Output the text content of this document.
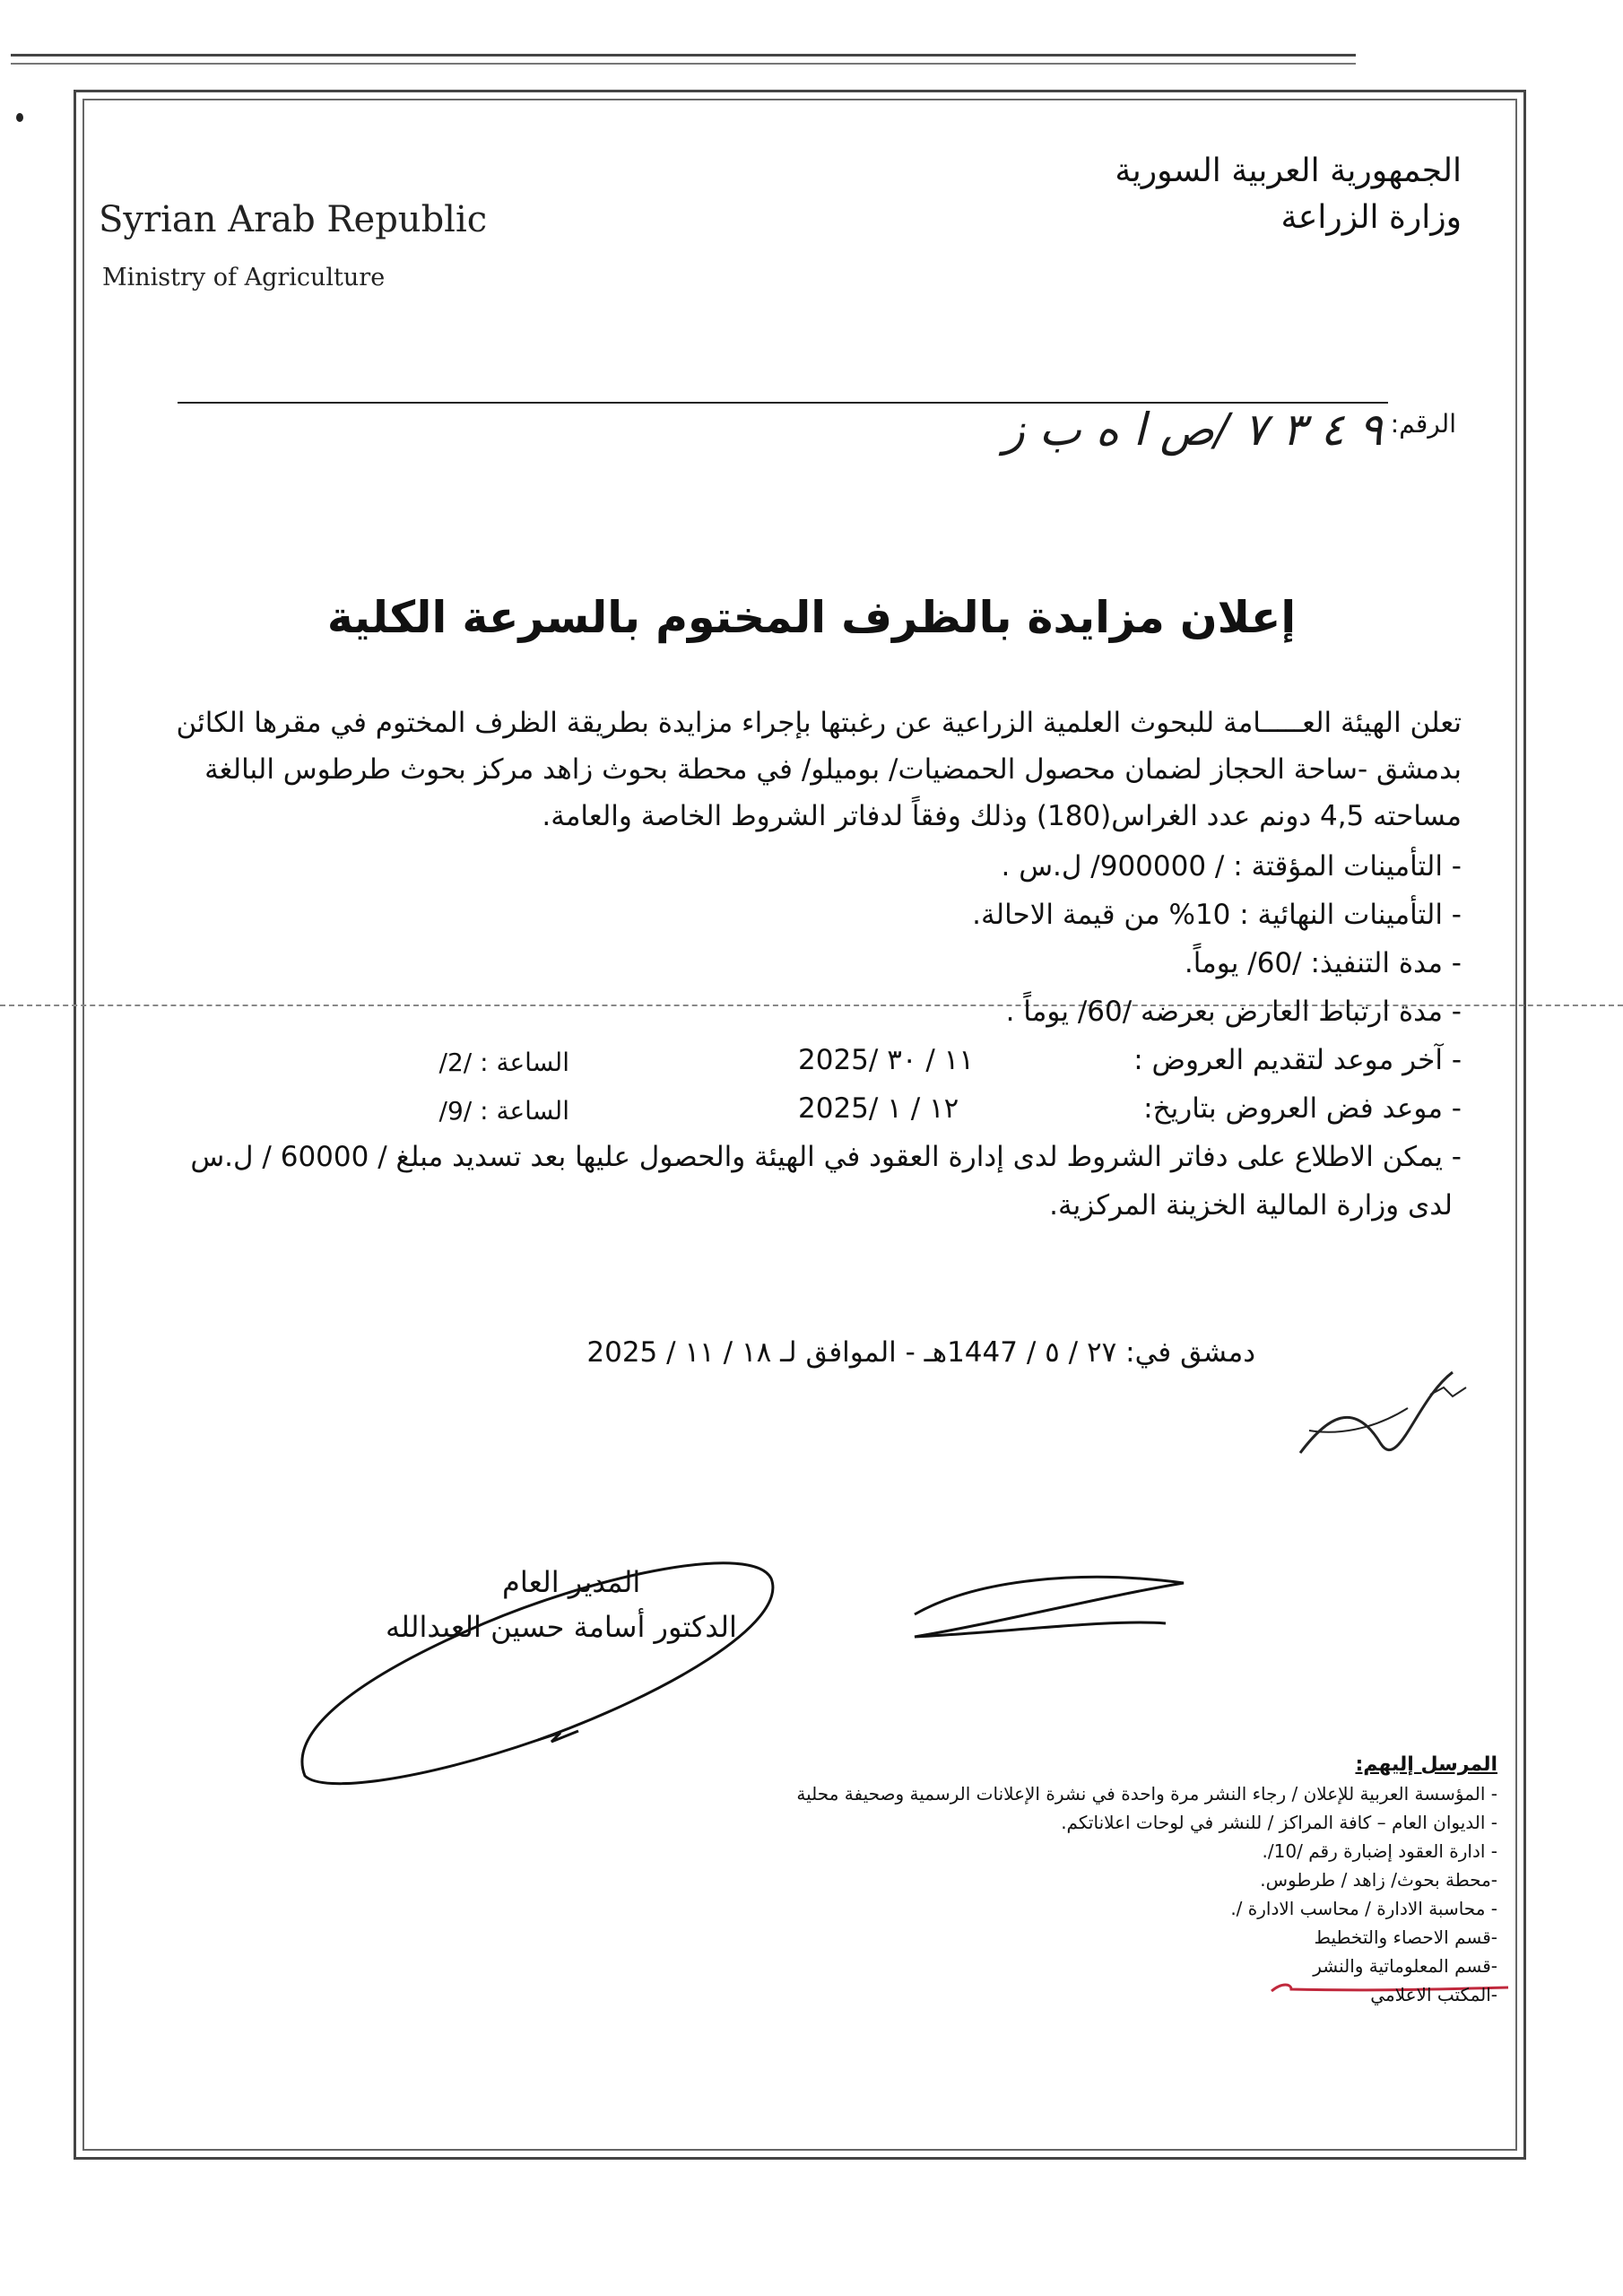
Syrian Arab Republic
Ministry of Agriculture
الجمهورية العربية السورية
وزارة الزراعة
الرقم:
٩ ٤ ٣ ٧ /ص ا ه ب ز
إعلان مزايدة بالظرف المختوم بالسرعة الكلية
تعلن الهيئة العـــــامة للبحوث العلمية الزراعية عن رغبتها بإجراء مزايدة بطريقة الظرف المختوم في مقرها الكائن بدمشق -ساحة الحجاز لضمان محصول الحمضيات/ بوميلو/ في محطة بحوث زاهد مركز بحوث طرطوس البالغة مساحته 4,5 دونم عدد الغراس(180) وذلك وفقاً لدفاتر الشروط الخاصة والعامة.
- التأمينات المؤقتة : / 900000/ ل.س .
- التأمينات النهائية : 10% من قيمة الاحالة.
- مدة التنفيذ: /60/ يوماً.
- مدة ارتباط العارض بعرضه /60/ يوماً .
- آخر موعد لتقديم العروض :
2025/ ١١ / ٣٠
الساعة : /2/
- موعد فض العروض بتاريخ:
2025/ ١٢ / ١
الساعة : /9/
- يمكن الاطلاع على دفاتر الشروط لدى إدارة العقود في الهيئة والحصول عليها بعد تسديد مبلغ / 60000 / ل.س
لدى وزارة المالية الخزينة المركزية.
دمشق في: ٢٧ / ٥ / 1447هـ - الموافق لـ ١٨ / ١١ / 2025
المدير العام
الدكتور أسامة حسين العبدالله
المرسل إليهم:
- المؤسسة العربية للإعلان / رجاء النشر مرة واحدة في نشرة الإعلانات الرسمية وصحيفة محلية
- الديوان العام – كافة المراكز / للنشر في لوحات اعلاناتكم.
- ادارة العقود إضبارة رقم /10/.
-محطة بحوث/ زاهد / طرطوس.
- محاسبة الادارة / محاسب الادارة /.
-قسم الاحصاء والتخطيط
-قسم المعلوماتية والنشر
-المكتب الاعلامي
